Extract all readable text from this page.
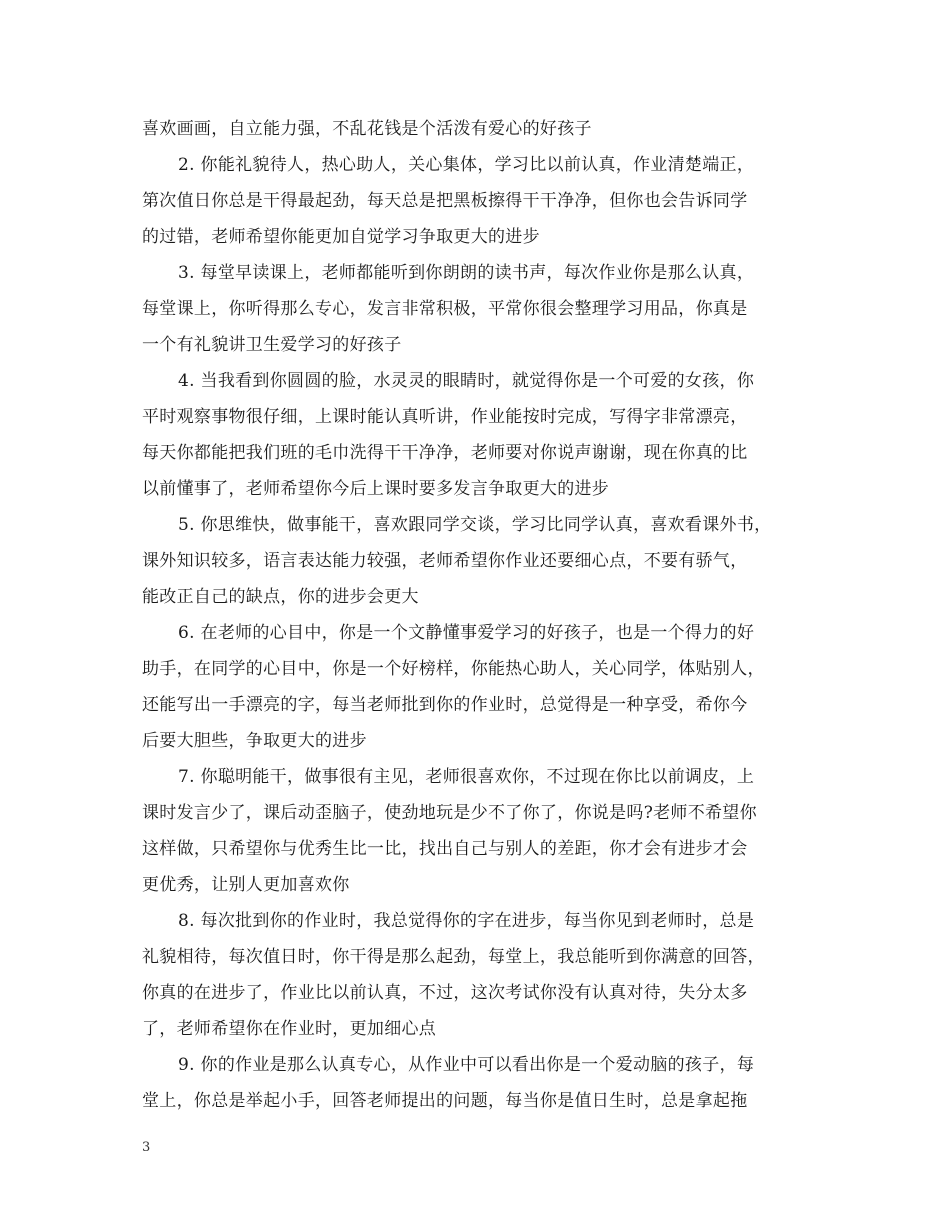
喜欢画画，自立能力强，不乱花钱是个活泼有爱心的好孩子
2. 你能礼貌待人，热心助人，关心集体，学习比以前认真，作业清楚端正，
第次值日你总是干得最起劲，每天总是把黑板擦得干干净净，但你也会告诉同学
的过错，老师希望你能更加自觉学习争取更大的进步
3. 每堂早读课上，老师都能听到你朗朗的读书声，每次作业你是那么认真，
每堂课上，你听得那么专心，发言非常积极，平常你很会整理学习用品，你真是
一个有礼貌讲卫生爱学习的好孩子
4. 当我看到你圆圆的脸，水灵灵的眼睛时，就觉得你是一个可爱的女孩，你
平时观察事物很仔细，上课时能认真听讲，作业能按时完成，写得字非常漂亮，
每天你都能把我们班的毛巾洗得干干净净，老师要对你说声谢谢，现在你真的比
以前懂事了，老师希望你今后上课时要多发言争取更大的进步
5. 你思维快，做事能干，喜欢跟同学交谈，学习比同学认真，喜欢看课外书，
课外知识较多，语言表达能力较强，老师希望你作业还要细心点，不要有骄气，
能改正自己的缺点，你的进步会更大
6. 在老师的心目中，你是一个文静懂事爱学习的好孩子，也是一个得力的好
助手，在同学的心目中，你是一个好榜样，你能热心助人，关心同学，体贴别人，
还能写出一手漂亮的字，每当老师批到你的作业时，总觉得是一种享受，希你今
后要大胆些，争取更大的进步
7. 你聪明能干，做事很有主见，老师很喜欢你，不过现在你比以前调皮，上
课时发言少了，课后动歪脑子，使劲地玩是少不了你了，你说是吗?老师不希望你
这样做，只希望你与优秀生比一比，找出自己与别人的差距，你才会有进步才会
更优秀，让别人更加喜欢你
8. 每次批到你的作业时，我总觉得你的字在进步，每当你见到老师时，总是
礼貌相待，每次值日时，你干得是那么起劲，每堂上，我总能听到你满意的回答，
你真的在进步了，作业比以前认真，不过，这次考试你没有认真对待，失分太多
了，老师希望你在作业时，更加细心点
9. 你的作业是那么认真专心，从作业中可以看出你是一个爱动脑的孩子，每
堂上，你总是举起小手，回答老师提出的问题，每当你是值日生时，总是拿起拖
3
